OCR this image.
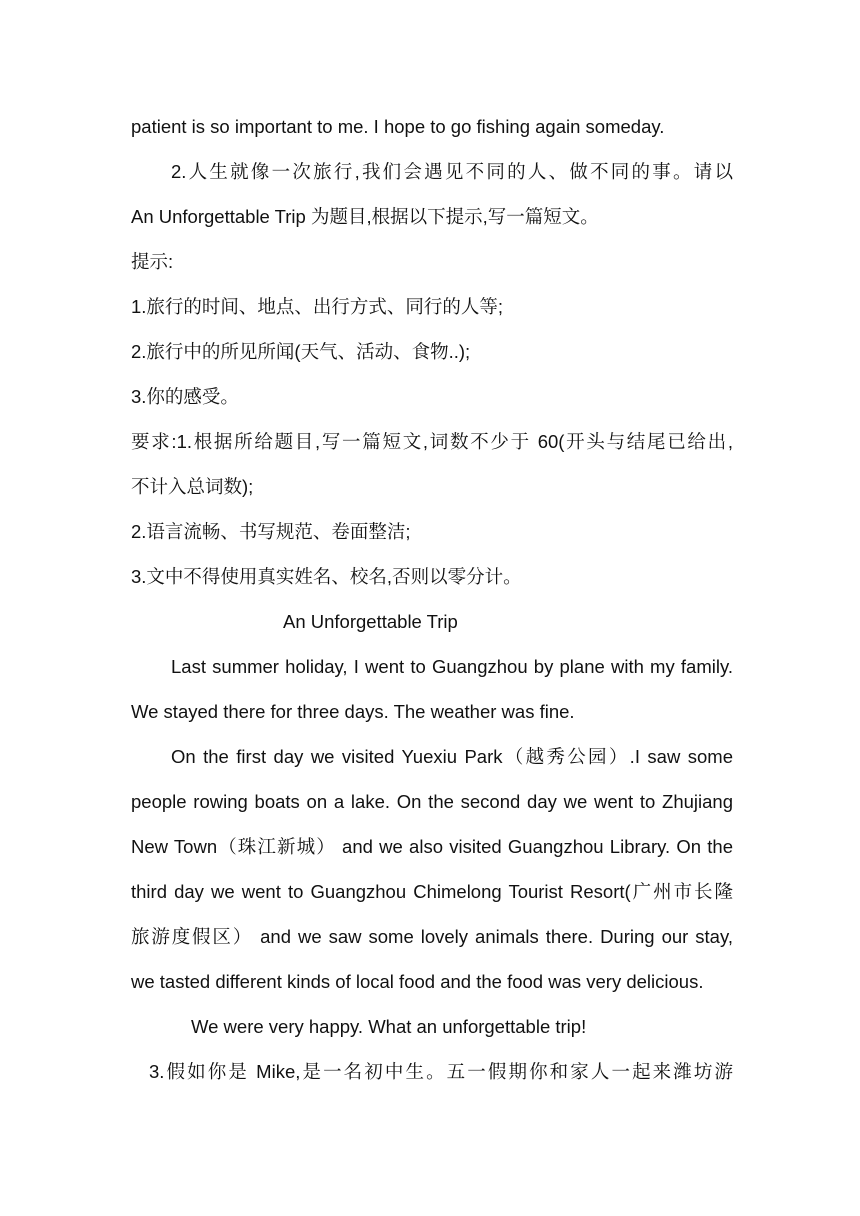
patient is so important to me. I hope to go fishing again someday.
2.人生就像一次旅行,我们会遇见不同的人、做不同的事。请以
An Unforgettable Trip 为题目,根据以下提示,写一篇短文。
提示:
1.旅行的时间、地点、出行方式、同行的人等;
2.旅行中的所见所闻(天气、活动、食物..);
3.你的感受。
要求:1.根据所给题目,写一篇短文,词数不少于 60(开头与结尾已给出,
不计入总词数);
2.语言流畅、书写规范、卷面整洁;
3.文中不得使用真实姓名、校名,否则以零分计。
An Unforgettable Trip
Last summer holiday, I went to Guangzhou by plane with my family.
We stayed there for three days. The weather was fine.
On the first day we visited Yuexiu Park（越秀公园）.I saw some
people rowing boats on a lake. On the second day we went to Zhujiang
New Town（珠江新城） and we also visited Guangzhou Library. On the
third day we went to Guangzhou Chimelong Tourist Resort(广州市长隆
旅游度假区） and we saw some lovely animals there. During our stay,
we tasted different kinds of local food and the food was very delicious.
We were very happy. What an unforgettable trip!
3.假如你是 Mike,是一名初中生。五一假期你和家人一起来潍坊游
